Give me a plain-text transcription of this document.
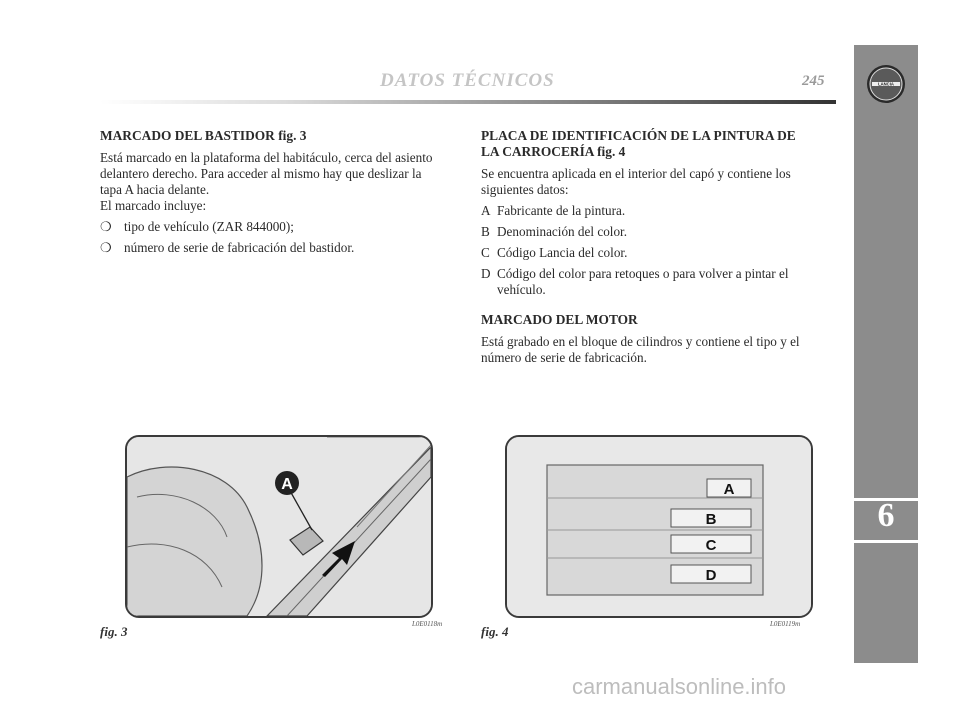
LANCIA
6
DATOS TÉCNICOS	245

MARCADO DEL BASTIDOR fig. 3

Está marcado en la plataforma del habitáculo, cerca del asiento delantero derecho. Para acceder al mismo hay que deslizar la tapa A hacia delante.

El marcado incluye:

❍ tipo de vehículo (ZAR 844000);
❍ número de serie de fabricación del bastidor.

PLACA DE IDENTIFICACIÓN DE LA PINTURA DE LA CARROCERÍA fig. 4

Se encuentra aplicada en el interior del capó y contiene los siguientes datos:

A Fabricante de la pintura.
B Denominación del color.
C Código Lancia del color.
D Código del color para retoques o para volver a pintar el vehículo.

MARCADO DEL MOTOR

Está grabado en el bloque de cilindros y contiene el tipo y el número de serie de fabricación.

A
fig. 3	L0E0118m
A
B
C
D
fig. 4	L0E0119m
carmanualsonline.info
